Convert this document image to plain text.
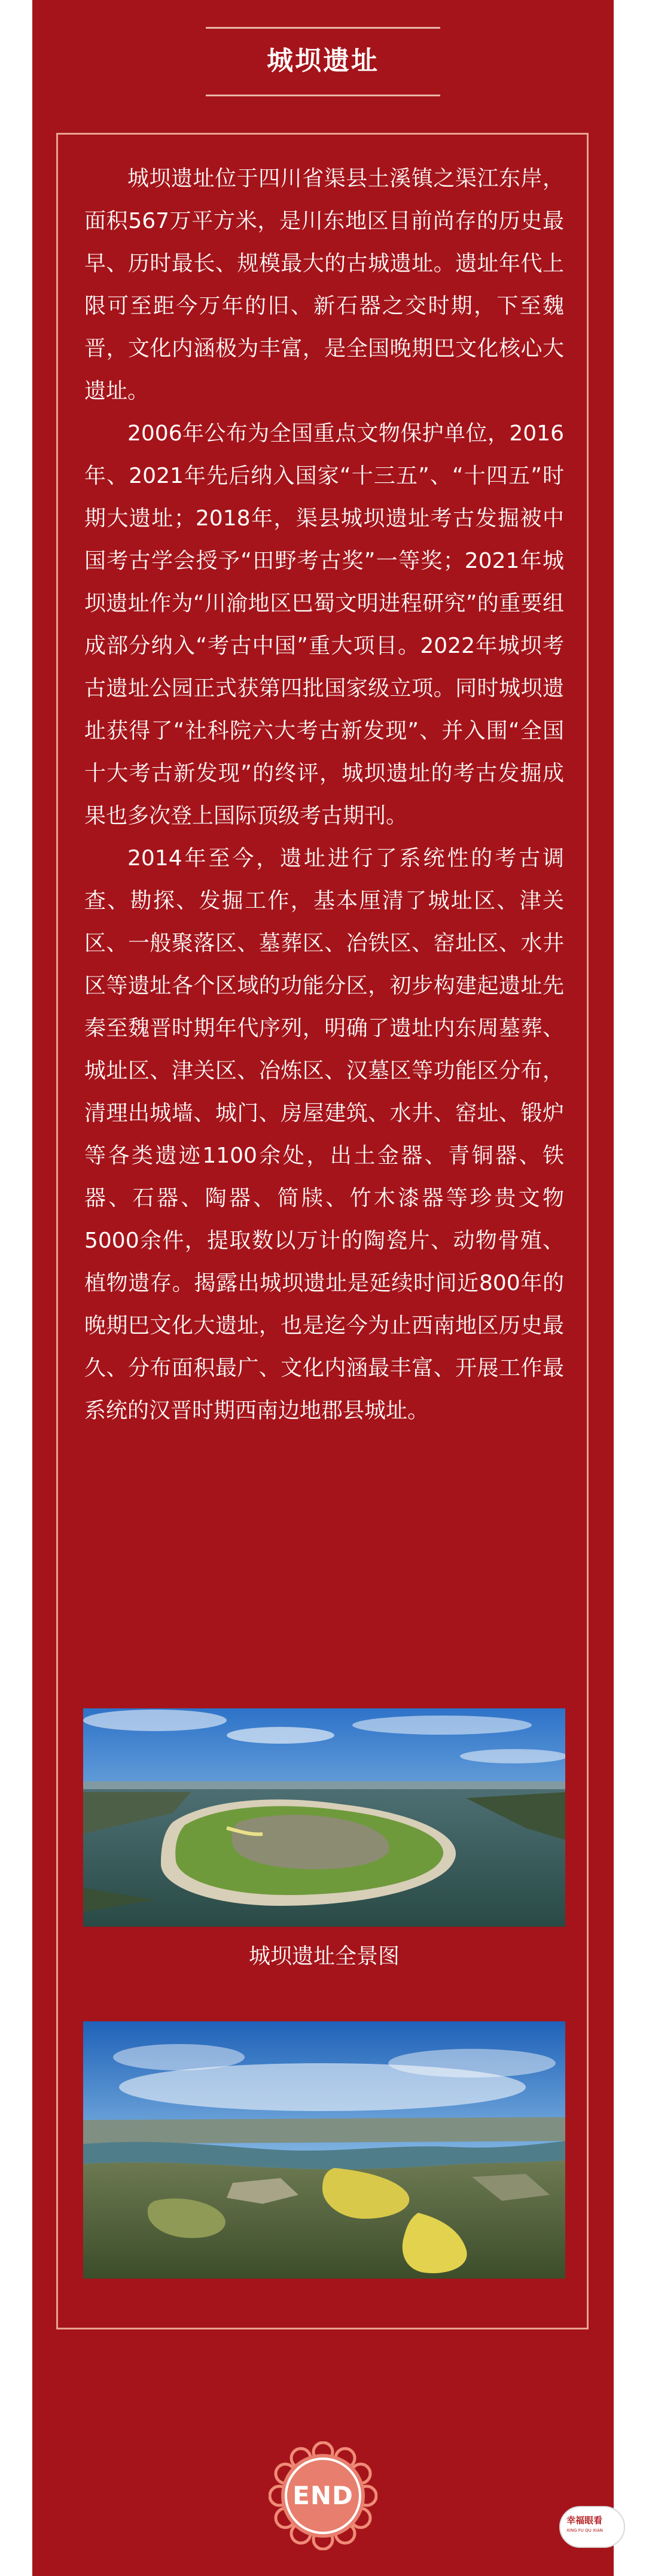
城坝遗址

城坝遗址位于四川省渠县土溪镇之渠江东岸，面积567万平方米，是川东地区目前尚存的历史最早、历时最长、规模最大的古城遗址。遗址年代上限可至距今万年的旧、新石器之交时期，下至魏晋，文化内涵极为丰富，是全国晚期巴文化核心大遗址。

2006年公布为全国重点文物保护单位，2016年、2021年先后纳入国家“十三五”、“十四五”时期大遗址；2018年，渠县城坝遗址考古发掘被中国考古学会授予“田野考古奖”一等奖；2021年城坝遗址作为“川渝地区巴蜀文明进程研究”的重要组成部分纳入“考古中国”重大项目。2022年城坝考古遗址公园正式获第四批国家级立项。同时城坝遗址获得了“社科院六大考古新发现”、并入围“全国十大考古新发现”的终评，城坝遗址的考古发掘成果也多次登上国际顶级考古期刊。

2014年至今，遗址进行了系统性的考古调查、勘探、发掘工作，基本厘清了城址区、津关区、一般聚落区、墓葬区、冶铁区、窑址区、水井区等遗址各个区域的功能分区，初步构建起遗址先秦至魏晋时期年代序列，明确了遗址内东周墓葬、城址区、津关区、冶炼区、汉墓区等功能区分布，清理出城墙、城门、房屋建筑、水井、窑址、锻炉等各类遗迹1100余处，出土金器、青铜器、铁器、石器、陶器、简牍、竹木漆器等珍贵文物5000余件，提取数以万计的陶瓷片、动物骨殖、植物遗存。揭露出城坝遗址是延续时间近800年的晚期巴文化大遗址，也是迄今为止西南地区历史最久、分布面积最广、文化内涵最丰富、开展工作最系统的汉晋时期西南边地郡县城址。

城坝遗址全景图
END
幸福眼看
XING FU QU XIAN
